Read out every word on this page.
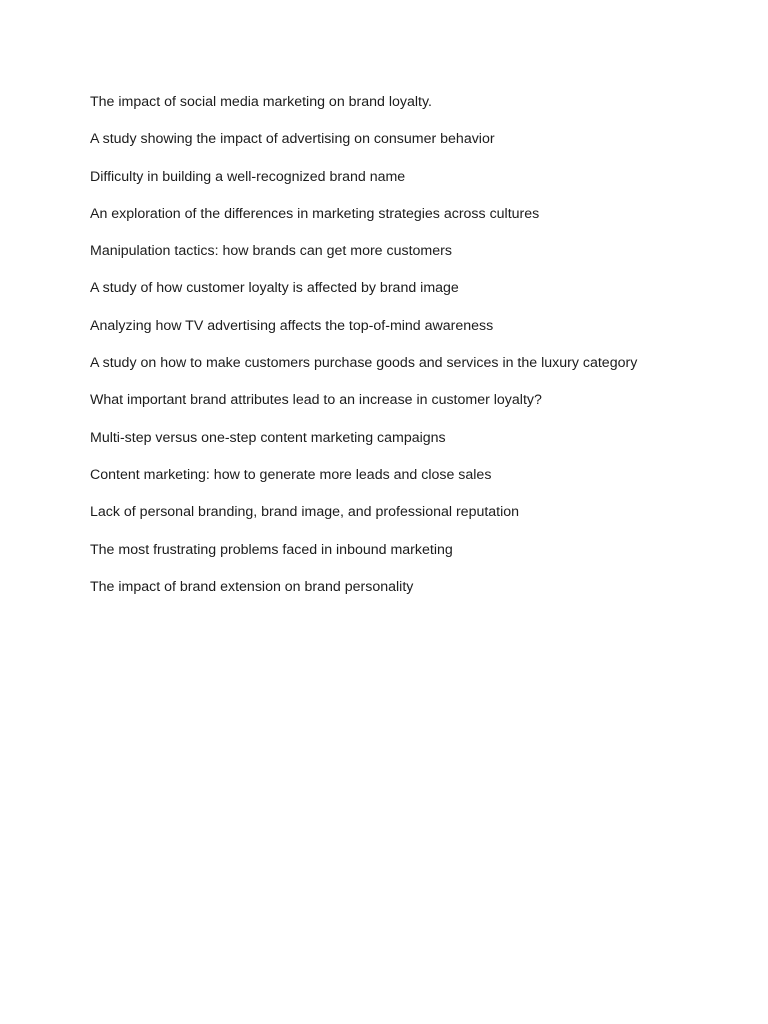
The impact of social media marketing on brand loyalty.
A study showing the impact of advertising on consumer behavior
Difficulty in building a well-recognized brand name
An exploration of the differences in marketing strategies across cultures
Manipulation tactics: how brands can get more customers
A study of how customer loyalty is affected by brand image
Analyzing how TV advertising affects the top-of-mind awareness
A study on how to make customers purchase goods and services in the luxury category
What important brand attributes lead to an increase in customer loyalty?
Multi-step versus one-step content marketing campaigns
Content marketing: how to generate more leads and close sales
Lack of personal branding, brand image, and professional reputation
The most frustrating problems faced in inbound marketing
The impact of brand extension on brand personality
